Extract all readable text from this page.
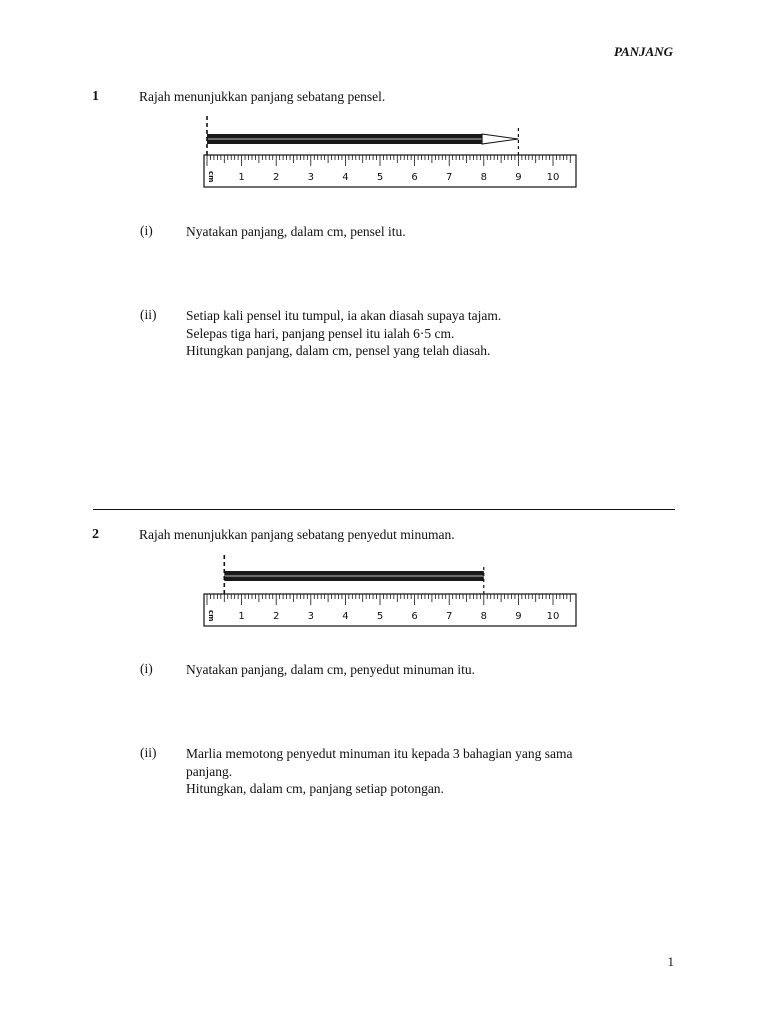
PANJANG
1	Rajah menunjukkan panjang sebatang pensel.
1	2	3	4	5	6	7	8	9	10
cm
(i) Nyatakan panjang, dalam cm, pensel itu.
(ii) Setiap kali pensel itu tumpul, ia akan diasah supaya tajam.
Selepas tiga hari, panjang pensel itu ialah 6·5 cm.
Hitungkan panjang, dalam cm, pensel yang telah diasah.
2	Rajah menunjukkan panjang sebatang penyedut minuman.
1	2	3	4	5	6	7	8	9	10
cm
(i) Nyatakan panjang, dalam cm, penyedut minuman itu.
(ii) Marlia memotong penyedut minuman itu kepada 3 bahagian yang sama
panjang.
Hitungkan, dalam cm, panjang setiap potongan.
1
